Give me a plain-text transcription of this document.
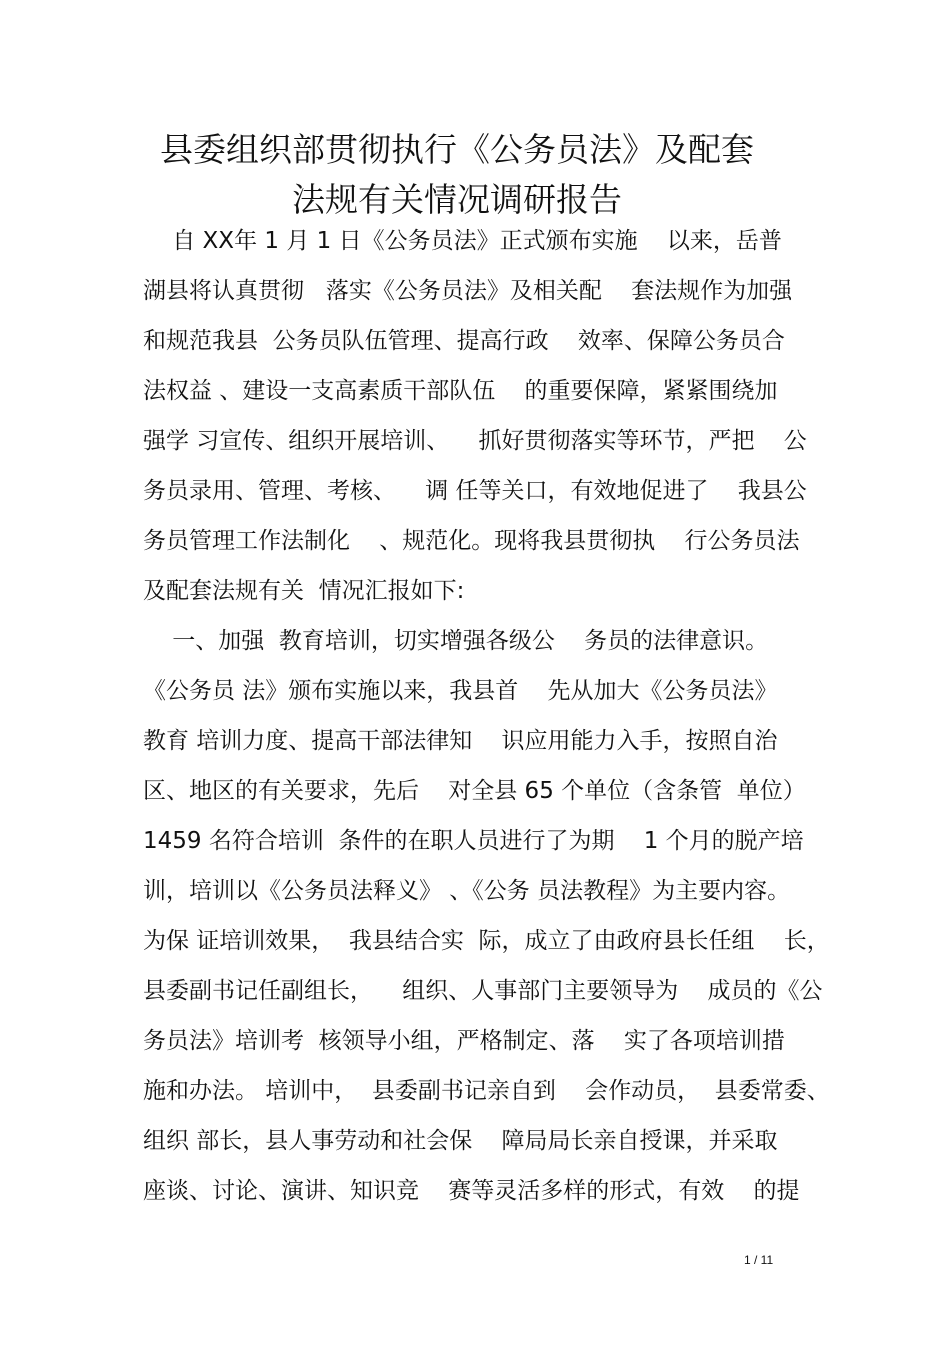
县委组织部贯彻执行《公务员法》及配套
法规有关情况调研报告
自 XX年 1 月 1 日《公务员法》正式颁布实施    以来，岳普
湖县将认真贯彻   落实《公务员法》及相关配    套法规作为加强
和规范我县  公务员队伍管理、提高行政    效率、保障公务员合
法权益 、建设一支高素质干部队伍    的重要保障，紧紧围绕加
强学 习宣传、组织开展培训、    抓好贯彻落实等环节，严把    公
务员录用、管理、考核、    调 任等关口，有效地促进了    我县公
务员管理工作法制化    、规范化。现将我县贯彻执    行公务员法
及配套法规有关  情况汇报如下:
一、加强  教育培训，切实增强各级公    务员的法律意识。
《公务员 法》颁布实施以来，我县首    先从加大《公务员法》
教育 培训力度、提高干部法律知    识应用能力入手，按照自治
区、地区的有关要求，先后    对全县 65 个单位（含条管  单位）
1459 名符合培训  条件的在职人员进行了为期    1 个月的脱产培
训，培训以《公务员法释义》 、《公务 员法教程》为主要内容。
为保 证培训效果，  我县结合实  际，成立了由政府县长任组    长，
县委副书记任副组长，    组织、人事部门主要领导为    成员的《公
务员法》培训考  核领导小组，严格制定、落    实了各项培训措
施和办法。 培训中，  县委副书记亲自到    会作动员，  县委常委、
组织 部长，县人事劳动和社会保    障局局长亲自授课，并采取
座谈、讨论、演讲、知识竞    赛等灵活多样的形式，有效    的提
1 / 11
